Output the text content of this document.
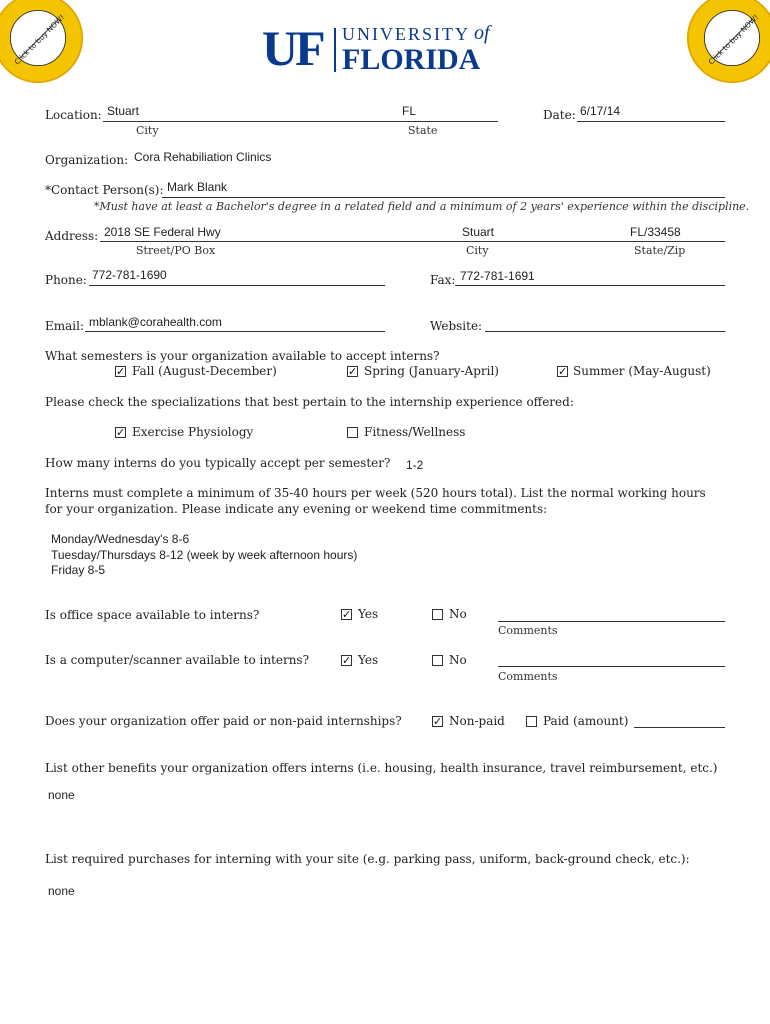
Click to buy NOW!	Click to buy NOW!
UF UNIVERSITY of
FLORIDA
Location: Stuart
City
FL
State
Date: 6/17/14
Organization: Cora Rehabiliation Clinics
*Contact Person(s): Mark Blank
*Must have at least a Bachelor's degree in a related field and a minimum of 2 years' experience within the discipline.
Address: 2018 SE Federal Hwy
Street/PO Box
Stuart
City
FL/33458
State/Zip
Phone: 772-781-1690	Fax: 772-781-1691
Email: mblank@corahealth.com	Website:
What semesters is your organization available to accept interns?
✓ Fall (August-December)	✓ Spring (January-April)	✓ Summer (May-August)
Please check the specializations that best pertain to the internship experience offered:
✓ Exercise Physiology	Fitness/Wellness
How many interns do you typically accept per semester? 1-2
Interns must complete a minimum of 35-40 hours per week (520 hours total). List the normal working hours
for your organization. Please indicate any evening or weekend time commitments:
Monday/Wednesday's 8-6
Tuesday/Thursdays 8-12 (week by week afternoon hours)
Friday 8-5
Is office space available to interns?	✓ Yes	No
Comments
Is a computer/scanner available to interns?	✓ Yes	No
Comments
Does your organization offer paid or non-paid internships?	✓ Non-paid	Paid (amount)
List other benefits your organization offers interns (i.e. housing, health insurance, travel reimbursement, etc.)
none
List required purchases for interning with your site (e.g. parking pass, uniform, back-ground check, etc.):
none
